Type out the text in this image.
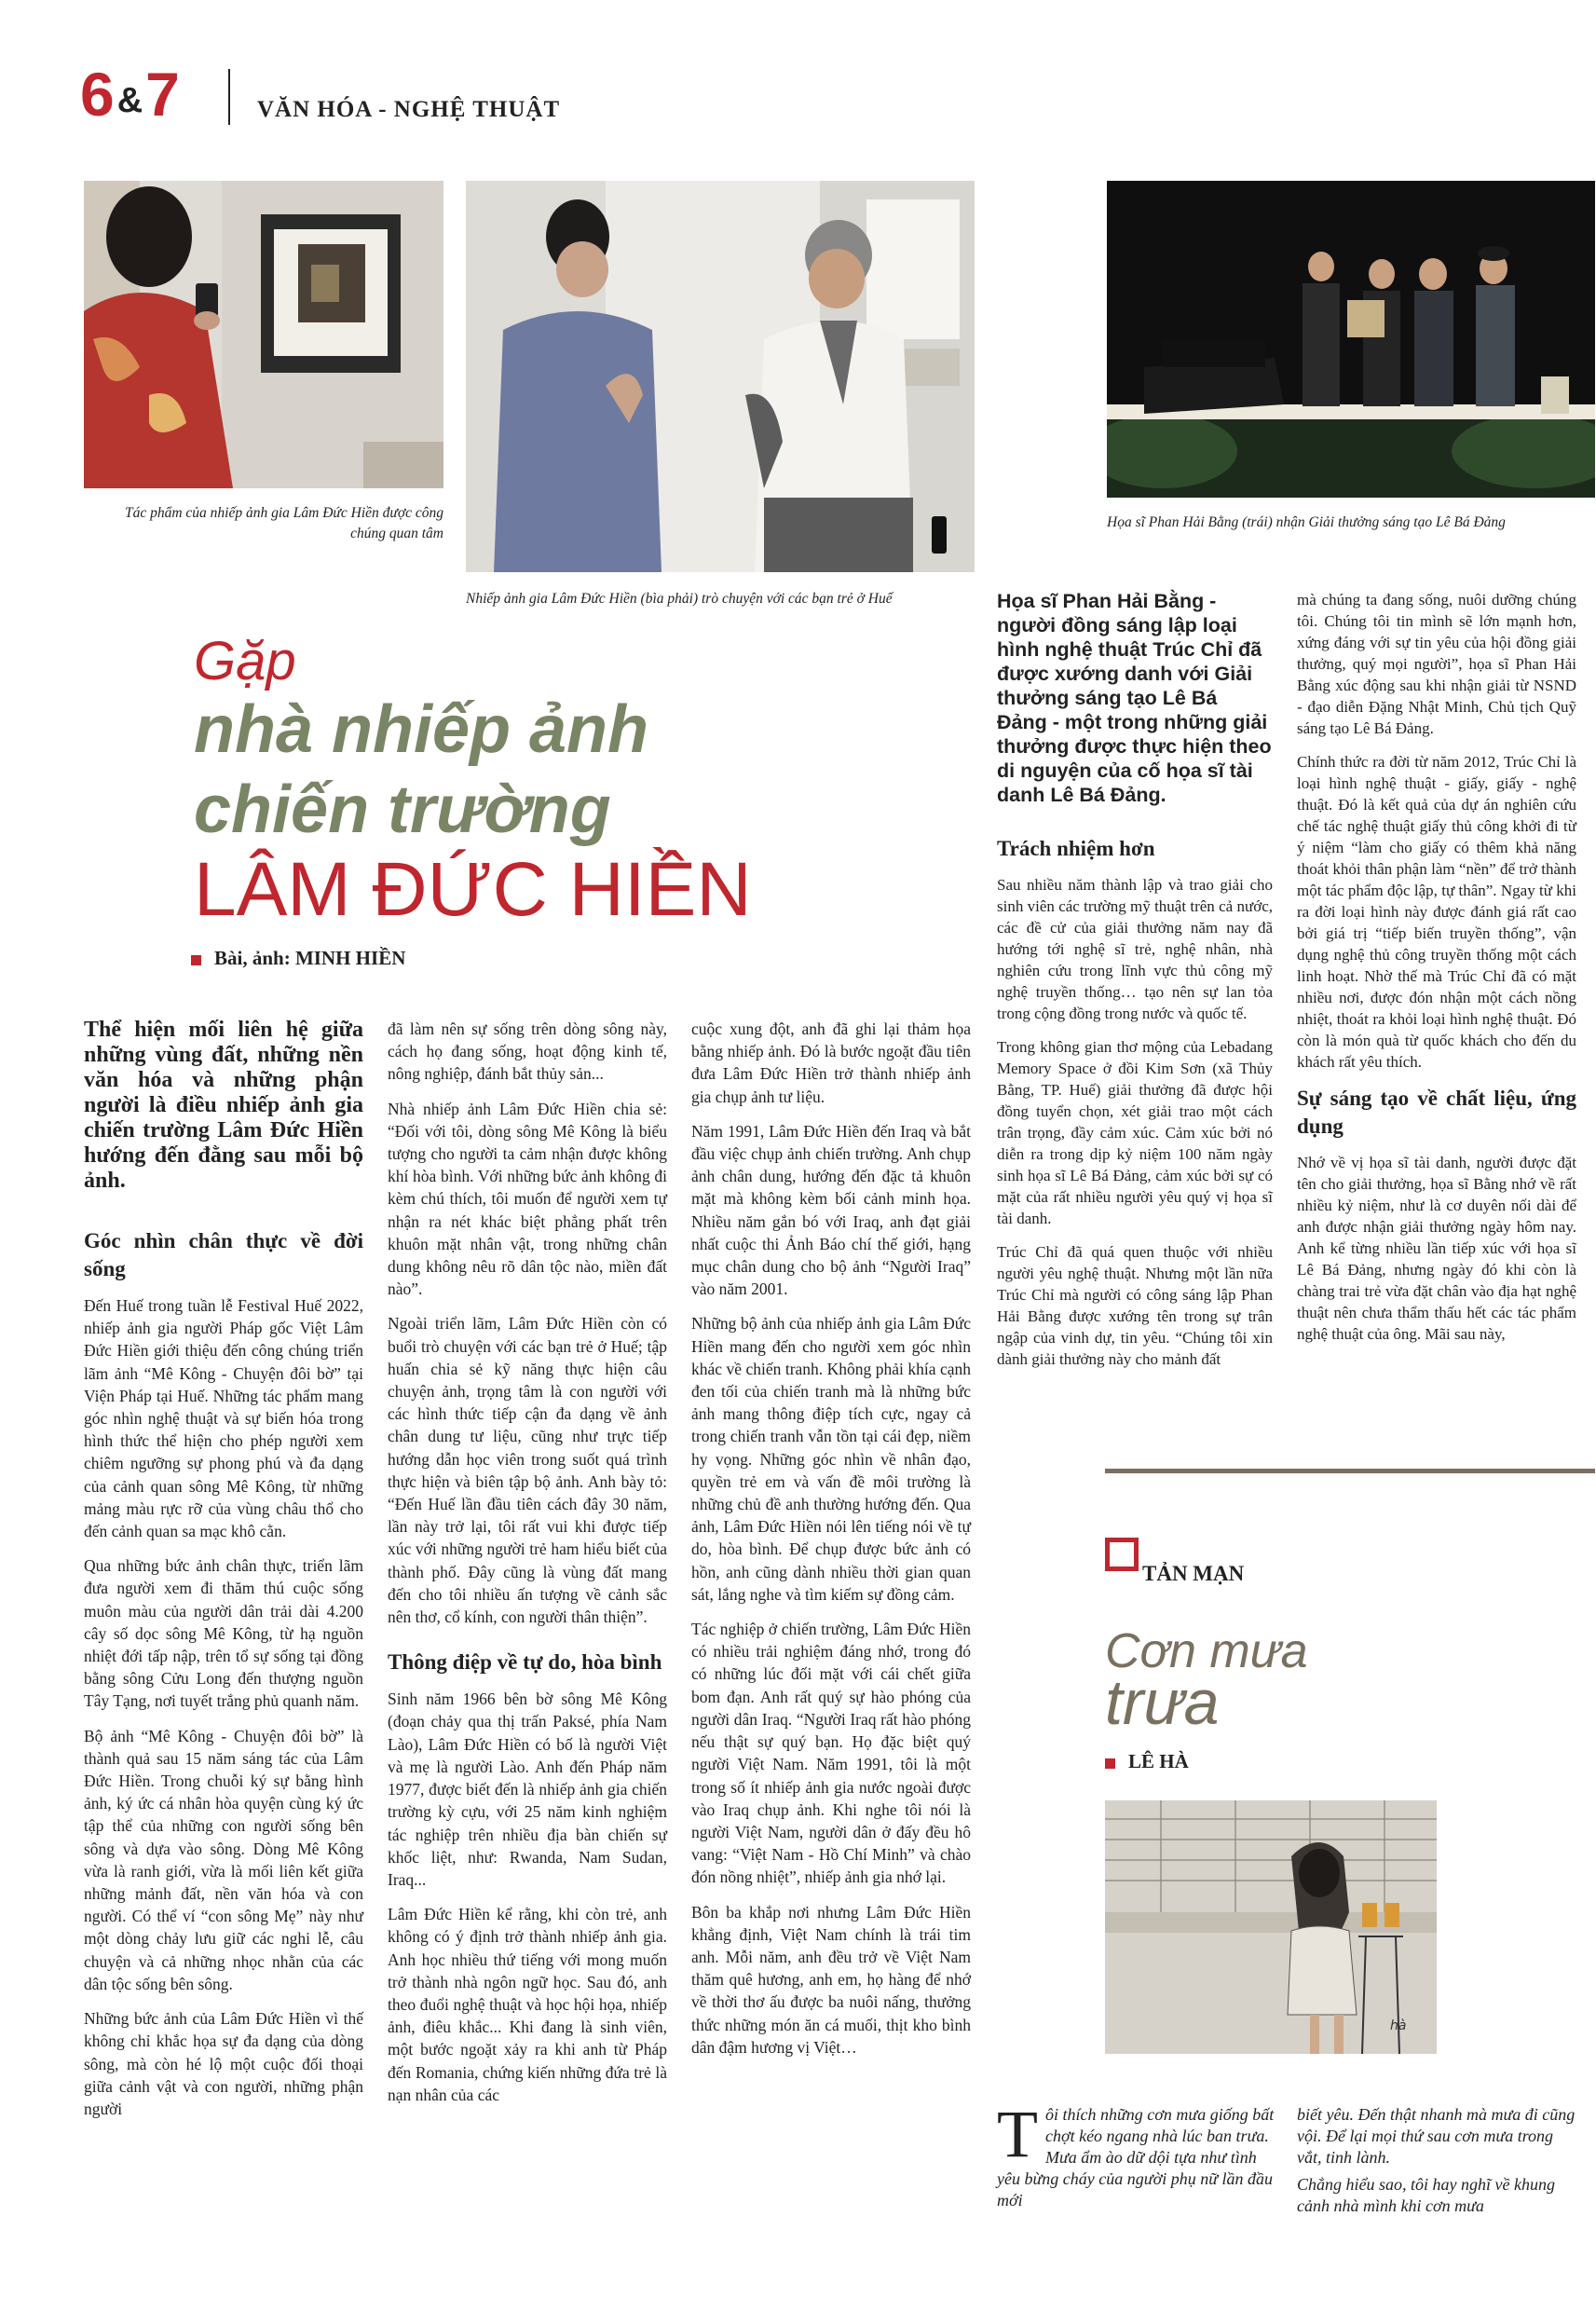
6 &7	VĂN HÓA - NGHỆ THUẬT
Tác phẩm của nhiếp ảnh gia Lâm Đức Hiền được công chúng quan tâm
Nhiếp ảnh gia Lâm Đức Hiền (bìa phải) trò chuyện với các bạn trẻ ở Huế
Họa sĩ Phan Hải Bằng (trái) nhận Giải thưởng sáng tạo Lê Bá Đảng
Gặp
nhà nhiếp ảnh
chiến trường
LÂM ĐỨC HIỀN
Bài, ảnh: MINH HIỀN

Thể hiện mối liên hệ giữa những vùng đất, những nền văn hóa và những phận người là điều nhiếp ảnh gia chiến trường Lâm Đức Hiền hướng đến đằng sau mỗi bộ ảnh.

Góc nhìn chân thực về đời sống

Đến Huế trong tuần lễ Festival Huế 2022, nhiếp ảnh gia người Pháp gốc Việt Lâm Đức Hiền giới thiệu đến công chúng triển lãm ảnh “Mê Kông - Chuyện đôi bờ” tại Viện Pháp tại Huế. Những tác phẩm mang góc nhìn nghệ thuật và sự biến hóa trong hình thức thể hiện cho phép người xem chiêm ngưỡng sự phong phú và đa dạng của cảnh quan sông Mê Kông, từ những mảng màu rực rỡ của vùng châu thổ cho đến cảnh quan sa mạc khô cằn.

Qua những bức ảnh chân thực, triển lãm đưa người xem đi thăm thú cuộc sống muôn màu của người dân trải dài 4.200 cây số dọc sông Mê Kông, từ hạ nguồn nhiệt đới tấp nập, trên tổ sự sống tại đồng bằng sông Cửu Long đến thượng nguồn Tây Tạng, nơi tuyết trắng phủ quanh năm.

Bộ ảnh “Mê Kông - Chuyện đôi bờ” là thành quả sau 15 năm sáng tác của Lâm Đức Hiền. Trong chuỗi ký sự bằng hình ảnh, ký ức cá nhân hòa quyện cùng ký ức tập thể của những con người sống bên sông và dựa vào sông. Dòng Mê Kông vừa là ranh giới, vừa là mối liên kết giữa những mảnh đất, nền văn hóa và con người. Có thể ví “con sông Mẹ” này như một dòng chảy lưu giữ các nghi lễ, câu chuyện và cả những nhọc nhằn của các dân tộc sống bên sông.

Những bức ảnh của Lâm Đức Hiền vì thế không chỉ khắc họa sự đa dạng của dòng sông, mà còn hé lộ một cuộc đối thoại giữa cảnh vật và con người, những phận người

đã làm nên sự sống trên dòng sông này, cách họ đang sống, hoạt động kinh tế, nông nghiệp, đánh bắt thủy sản...

Nhà nhiếp ảnh Lâm Đức Hiền chia sẻ: “Đối với tôi, dòng sông Mê Kông là biểu tượng cho người ta cảm nhận được không khí hòa bình. Với những bức ảnh không đi kèm chú thích, tôi muốn để người xem tự nhận ra nét khác biệt phẳng phất trên khuôn mặt nhân vật, trong những chân dung không nêu rõ dân tộc nào, miền đất nào”.

Ngoài triển lãm, Lâm Đức Hiền còn có buổi trò chuyện với các bạn trẻ ở Huế; tập huấn chia sẻ kỹ năng thực hiện câu chuyện ảnh, trọng tâm là con người với các hình thức tiếp cận đa dạng về ảnh chân dung tư liệu, cũng như trực tiếp hướng dẫn học viên trong suốt quá trình thực hiện và biên tập bộ ảnh. Anh bày tỏ: “Đến Huế lần đầu tiên cách đây 30 năm, lần này trở lại, tôi rất vui khi được tiếp xúc với những người trẻ ham hiểu biết của thành phố. Đây cũng là vùng đất mang đến cho tôi nhiều ấn tượng về cảnh sắc nên thơ, cổ kính, con người thân thiện”.

Thông điệp về tự do, hòa bình

Sinh năm 1966 bên bờ sông Mê Kông (đoạn chảy qua thị trấn Paksé, phía Nam Lào), Lâm Đức Hiền có bố là người Việt và mẹ là người Lào. Anh đến Pháp năm 1977, được biết đến là nhiếp ảnh gia chiến trường kỳ cựu, với 25 năm kinh nghiệm tác nghiệp trên nhiều địa bàn chiến sự khốc liệt, như: Rwanda, Nam Sudan, Iraq...

Lâm Đức Hiền kể rằng, khi còn trẻ, anh không có ý định trở thành nhiếp ảnh gia. Anh học nhiều thứ tiếng với mong muốn trở thành nhà ngôn ngữ học. Sau đó, anh theo đuổi nghệ thuật và học hội họa, nhiếp ảnh, điêu khắc... Khi đang là sinh viên, một bước ngoặt xảy ra khi anh từ Pháp đến Romania, chứng kiến những đứa trẻ là nạn nhân của các

cuộc xung đột, anh đã ghi lại thảm họa bằng nhiếp ảnh. Đó là bước ngoặt đầu tiên đưa Lâm Đức Hiền trở thành nhiếp ảnh gia chụp ảnh tư liệu.

Năm 1991, Lâm Đức Hiền đến Iraq và bắt đầu việc chụp ảnh chiến trường. Anh chụp ảnh chân dung, hướng đến đặc tả khuôn mặt mà không kèm bối cảnh minh họa. Nhiều năm gắn bó với Iraq, anh đạt giải nhất cuộc thi Ảnh Báo chí thế giới, hạng mục chân dung cho bộ ảnh “Người Iraq” vào năm 2001.

Những bộ ảnh của nhiếp ảnh gia Lâm Đức Hiền mang đến cho người xem góc nhìn khác về chiến tranh. Không phải khía cạnh đen tối của chiến tranh mà là những bức ảnh mang thông điệp tích cực, ngay cả trong chiến tranh vẫn tồn tại cái đẹp, niềm hy vọng. Những góc nhìn về nhân đạo, quyền trẻ em và vấn đề môi trường là những chủ đề anh thường hướng đến. Qua ảnh, Lâm Đức Hiền nói lên tiếng nói về tự do, hòa bình. Để chụp được bức ảnh có hồn, anh cũng dành nhiều thời gian quan sát, lắng nghe và tìm kiếm sự đồng cảm.

Tác nghiệp ở chiến trường, Lâm Đức Hiền có nhiều trải nghiệm đáng nhớ, trong đó có những lúc đối mặt với cái chết giữa bom đạn. Anh rất quý sự hào phóng của người dân Iraq. “Người Iraq rất hào phóng nếu thật sự quý bạn. Họ đặc biệt quý người Việt Nam. Năm 1991, tôi là một trong số ít nhiếp ảnh gia nước ngoài được vào Iraq chụp ảnh. Khi nghe tôi nói là người Việt Nam, người dân ở đấy đều hô vang: “Việt Nam - Hồ Chí Minh” và chào đón nồng nhiệt”, nhiếp ảnh gia nhớ lại.

Bôn ba khắp nơi nhưng Lâm Đức Hiền khẳng định, Việt Nam chính là trái tim anh. Mỗi năm, anh đều trở về Việt Nam thăm quê hương, anh em, họ hàng để nhớ về thời thơ ấu được ba nuôi nấng, thưởng thức những món ăn cá muối, thịt kho bình dân đậm hương vị Việt…

Họa sĩ Phan Hải Bằng - người đồng sáng lập loại hình nghệ thuật Trúc Chỉ đã được xướng danh với Giải thưởng sáng tạo Lê Bá Đảng - một trong những giải thưởng được thực hiện theo di nguyện của cố họa sĩ tài danh Lê Bá Đảng.
Trách nhiệm hơn

Sau nhiều năm thành lập và trao giải cho sinh viên các trường mỹ thuật trên cả nước, các đề cử của giải thưởng năm nay đã hướng tới nghệ sĩ trẻ, nghệ nhân, nhà nghiên cứu trong lĩnh vực thủ công mỹ nghệ truyền thống… tạo nên sự lan tỏa trong cộng đồng trong nước và quốc tế.

Trong không gian thơ mộng của Lebadang Memory Space ở đồi Kim Sơn (xã Thủy Bằng, TP. Huế) giải thưởng đã được hội đồng tuyển chọn, xét giải trao một cách trân trọng, đầy cảm xúc. Cảm xúc bởi nó diễn ra trong dịp kỷ niệm 100 năm ngày sinh họa sĩ Lê Bá Đảng, cảm xúc bởi sự có mặt của rất nhiều người yêu quý vị họa sĩ tài danh.

Trúc Chỉ đã quá quen thuộc với nhiều người yêu nghệ thuật. Nhưng một lần nữa Trúc Chỉ mà người có công sáng lập Phan Hải Bằng được xướng tên trong sự trân ngập của vinh dự, tin yêu. “Chúng tôi xin dành giải thưởng này cho mảnh đất

mà chúng ta đang sống, nuôi dưỡng chúng tôi. Chúng tôi tin mình sẽ lớn mạnh hơn, xứng đáng với sự tin yêu của hội đồng giải thưởng, quý mọi người”, họa sĩ Phan Hải Bằng xúc động sau khi nhận giải từ NSND - đạo diễn Đặng Nhật Minh, Chủ tịch Quỹ sáng tạo Lê Bá Đảng.

Chính thức ra đời từ năm 2012, Trúc Chỉ là loại hình nghệ thuật - giấy, giấy - nghệ thuật. Đó là kết quả của dự án nghiên cứu chế tác nghệ thuật giấy thủ công khởi đi từ ý niệm “làm cho giấy có thêm khả năng thoát khỏi thân phận làm “nền” để trở thành một tác phẩm độc lập, tự thân”. Ngay từ khi ra đời loại hình này được đánh giá rất cao bởi giá trị “tiếp biến truyền thống”, vận dụng nghệ thủ công truyền thống một cách linh hoạt. Nhờ thế mà Trúc Chỉ đã có mặt nhiều nơi, được đón nhận một cách nồng nhiệt, thoát ra khỏi loại hình nghệ thuật. Đó còn là món quà từ quốc khách cho đến du khách rất yêu thích.

Sự sáng tạo về chất liệu, ứng dụng

Nhớ về vị họa sĩ tài danh, người được đặt tên cho giải thưởng, họa sĩ Bằng nhớ về rất nhiều kỷ niệm, như là cơ duyên nối dài để anh được nhận giải thưởng ngày hôm nay. Anh kể từng nhiều lần tiếp xúc với họa sĩ Lê Bá Đảng, nhưng ngày đó khi còn là chàng trai trẻ vừa đặt chân vào địa hạt nghệ thuật nên chưa thẩm thấu hết các tác phẩm nghệ thuật của ông. Mãi sau này,

TẢN MẠN
Cơn mưa
trưa
LÊ HÀ
hà
Tôi thích những cơn mưa giống bất chợt kéo ngang nhà lúc ban trưa. Mưa ẩm ào dữ dội tựa như tình yêu bừng cháy của người phụ nữ lần đầu mới

biết yêu. Đến thật nhanh mà mưa đi cũng vội. Để lại mọi thứ sau cơn mưa trong vắt, tinh lành.

Chẳng hiểu sao, tôi hay nghĩ về khung cảnh nhà mình khi cơn mưa
